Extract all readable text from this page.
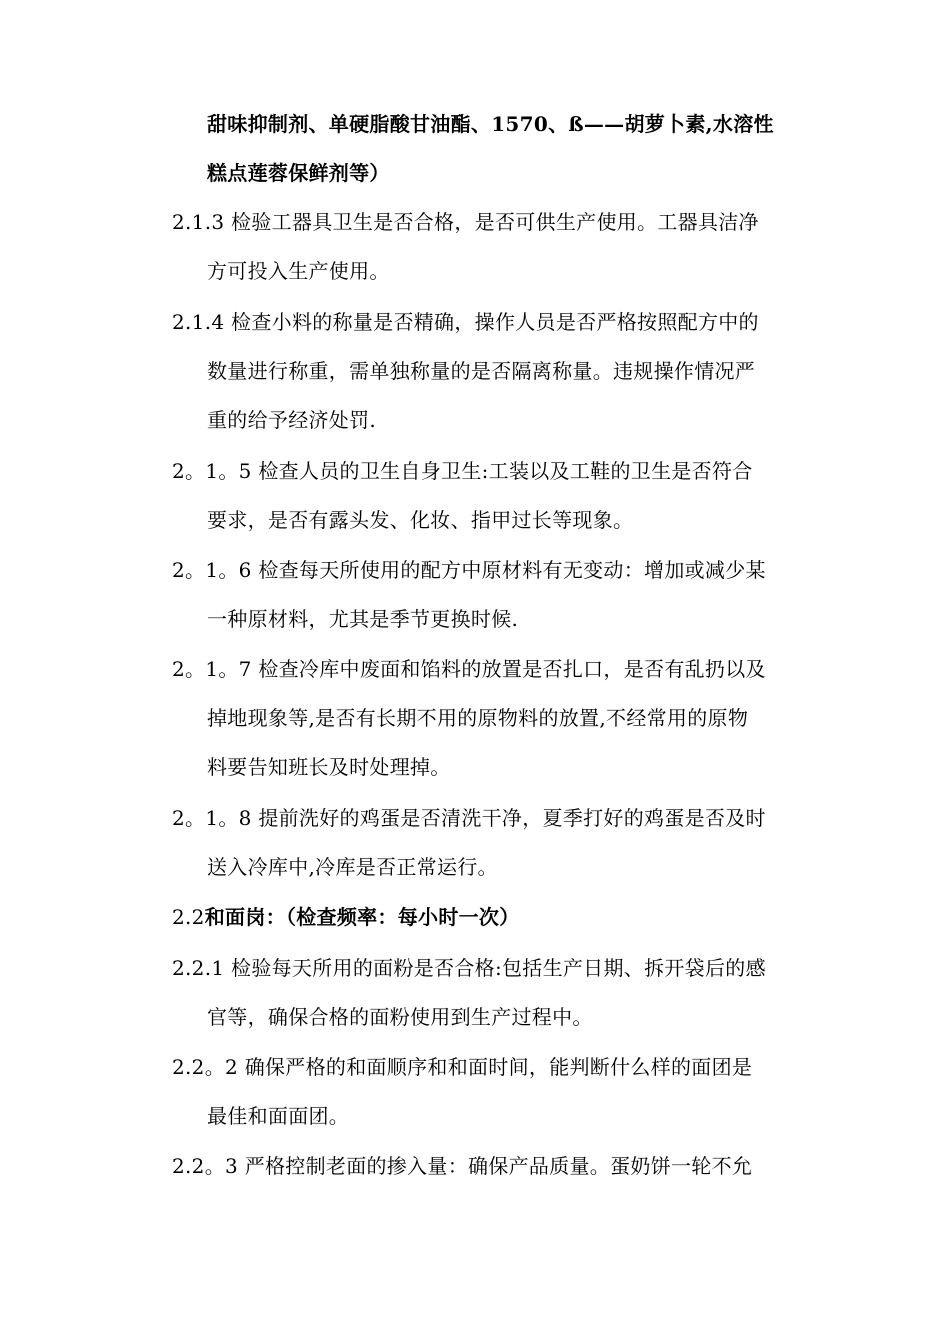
甜味抑制剂、单硬脂酸甘油酯、1570、ß——胡萝卜素,水溶性
糕点莲蓉保鲜剂等）
2.1.3 检验工器具卫生是否合格，是否可供生产使用。工器具洁净
方可投入生产使用。
2.1.4 检查小料的称量是否精确，操作人员是否严格按照配方中的
数量进行称重，需单独称量的是否隔离称量。违规操作情况严
重的给予经济处罚.
2。1。5 检查人员的卫生自身卫生:工装以及工鞋的卫生是否符合
要求，是否有露头发、化妆、指甲过长等现象。
2。1。6 检查每天所使用的配方中原材料有无变动：增加或减少某
一种原材料，尤其是季节更换时候.
2。1。7 检查冷库中废面和馅料的放置是否扎口，是否有乱扔以及
掉地现象等,是否有长期不用的原物料的放置,不经常用的原物
料要告知班长及时处理掉。
2。1。8 提前洗好的鸡蛋是否清洗干净，夏季打好的鸡蛋是否及时
送入冷库中,冷库是否正常运行。
2.2和面岗：（检查频率：每小时一次）
2.2.1 检验每天所用的面粉是否合格:包括生产日期、拆开袋后的感
官等，确保合格的面粉使用到生产过程中。
2.2。2 确保严格的和面顺序和和面时间，能判断什么样的面团是
最佳和面面团。
2.2。3 严格控制老面的掺入量：确保产品质量。蛋奶饼一轮不允
